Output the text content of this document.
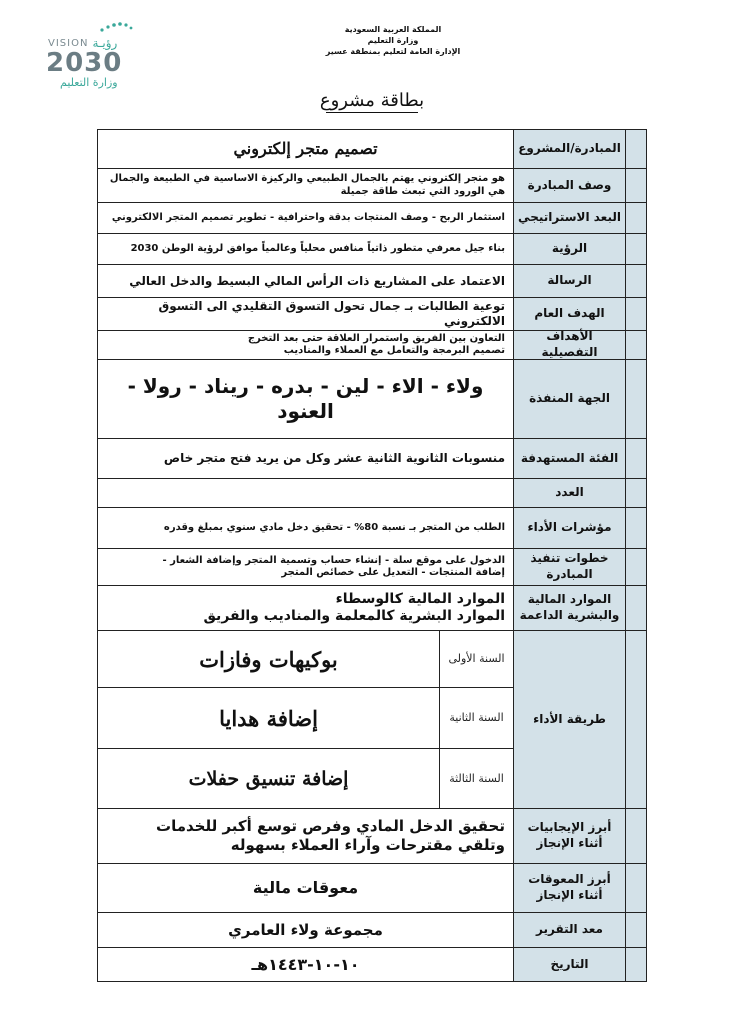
VISION رؤيـة
2030
وزارة التعليم
المملكة العربية السعودية
وزارة التعليم
الإدارة العامة لتعليم بمنطقة عسير
بطاقة مشروع
المبادرة/المشروع
تصميم متجر إلكتروني
وصف المبادرة
هو متجر إلكتروني يهتم بالجمال الطبيعي والركيزة الاساسية في الطبيعة والجمال هي الورود التي تبعث طاقة جميلة
البعد الاستراتيجي
استثمار الربح - وصف المنتجات بدقة واحترافية - تطوير تصميم المتجر الالكتروني
الرؤية
بناء جيل معرفي متطور ذاتياً منافس محلياً وعالمياً موافق لرؤية الوطن 2030
الرسالة
الاعتماد على المشاريع ذات الرأس المالي البسيط والدخل العالي
الهدف العام
توعية الطالبات بـ جمال تحول التسوق التقليدي الى التسوق الالكتروني
الأهداف التفصيلية
التعاون بين الفريق واستمرار العلاقة حتى بعد التخرج
تصميم البرمجة والتعامل مع العملاء والمناديب
الجهة المنفذة
ولاء - الاء - لين - بدره - ريناد - رولا - العنود
الفئة المستهدفة
منسوبات الثانوية الثانية عشر وكل من يريد فتح متجر خاص
العدد
مؤشرات الأداء
الطلب من المتجر بـ نسبة 80% - تحقيق دخل مادي سنوي بمبلغ وقدره
خطوات تنفيذ المبادرة
الدخول على موقع سلة - إنشاء حساب وتسمية المتجر وإضافة الشعار -
إضافة المنتجات - التعديل على خصائص المتجر
الموارد المالية والبشرية الداعمة
الموارد المالية كالوسطاء
الموارد البشرية كالمعلمة والمناديب والفريق
طريقة الأداء
السنة الأولى
بوكيهات وفازات
السنة الثانية
إضافة هدايا
السنة الثالثة
إضافة تنسيق حفلات
أبرز الإيجابيات أثناء الإنجاز
تحقيق الدخل المادي وفرص توسع أكبر للخدمات
وتلقي مقترحات وآراء العملاء بسهوله
أبرز المعوقات أثناء الإنجاز
معوقات مالية
معد التقرير
مجموعة ولاء العامري
التاريخ
١٠-١٠-١٤٤٣هـ
